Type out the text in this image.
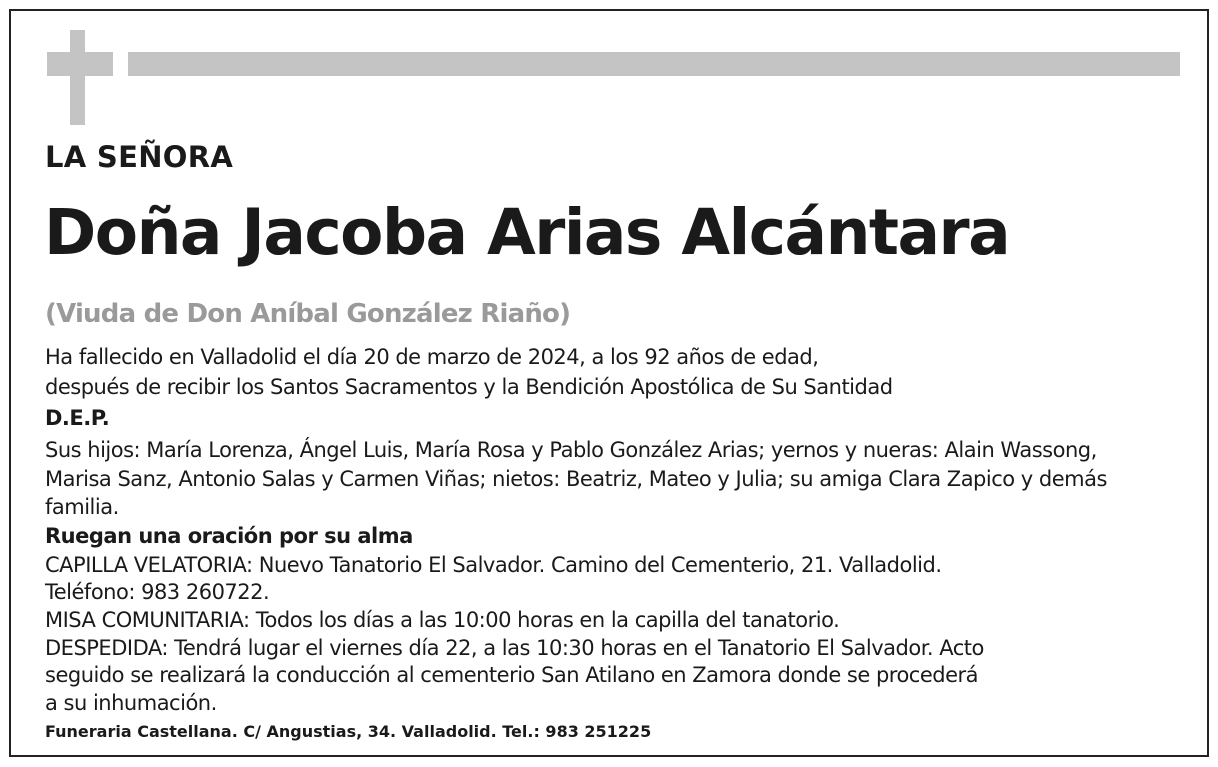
LA SEÑORA
Doña Jacoba Arias Alcántara
(Viuda de Don Aníbal González Riaño)
Ha fallecido en Valladolid el día 20 de marzo de 2024, a los 92 años de edad,
después de recibir los Santos Sacramentos y la Bendición Apostólica de Su Santidad
D.E.P.
Sus hijos: María Lorenza, Ángel Luis, María Rosa y Pablo González Arias; yernos y nueras: Alain Wassong,
Marisa Sanz, Antonio Salas y Carmen Viñas; nietos: Beatriz, Mateo y Julia; su amiga Clara Zapico y demás
familia.
Ruegan una oración por su alma
CAPILLA VELATORIA: Nuevo Tanatorio El Salvador. Camino del Cementerio, 21. Valladolid.
Teléfono: 983 260722.
MISA COMUNITARIA: Todos los días a las 10:00 horas en la capilla del tanatorio.
DESPEDIDA: Tendrá lugar el viernes día 22, a las 10:30 horas en el Tanatorio El Salvador. Acto
seguido se realizará la conducción al cementerio San Atilano en Zamora donde se procederá
a su inhumación.
Funeraria Castellana. C/ Angustias, 34. Valladolid. Tel.: 983 251225
